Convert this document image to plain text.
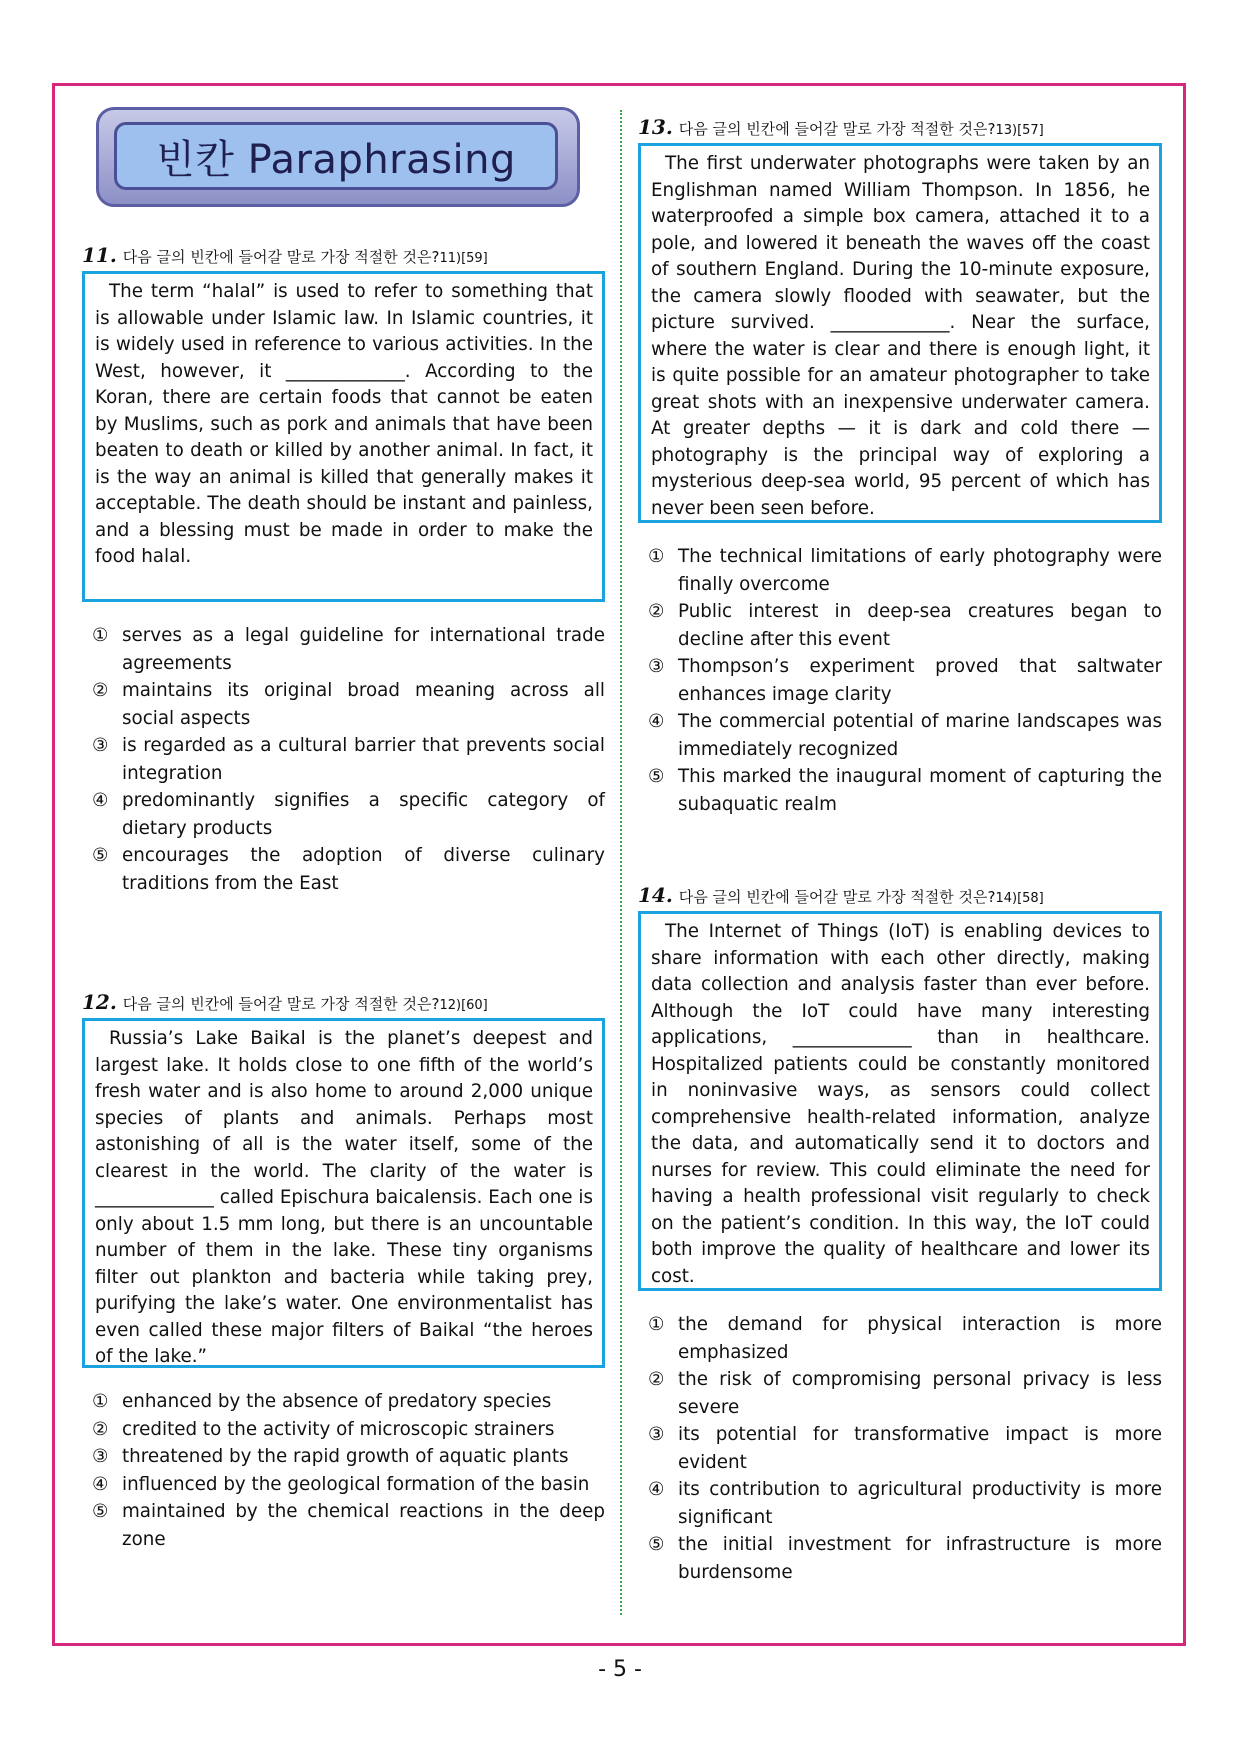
빈칸 Paraphrasing
11. 다음 글의 빈칸에 들어갈 말로 가장 적절한 것은?11)[59]

The term “halal” is used to refer to something that is allowable under Islamic law. In Islamic countries, it is widely used in reference to various activities. In the West, however, it _____________. According to the Koran, there are certain foods that cannot be eaten by Muslims, such as pork and animals that have been beaten to death or killed by another animal. In fact, it is the way an animal is killed that generally makes it acceptable. The death should be instant and painless, and a blessing must be made in order to make the food halal.

① serves as a legal guideline for international trade agreements
② maintains its original broad meaning across all social aspects
③ is regarded as a cultural barrier that prevents social integration
④ predominantly signifies a specific category of dietary products
⑤ encourages the adoption of diverse culinary traditions from the East
12. 다음 글의 빈칸에 들어갈 말로 가장 적절한 것은?12)[60]

Russia’s Lake Baikal is the planet’s deepest and largest lake. It holds close to one fifth of the world’s fresh water and is also home to around 2,000 unique species of plants and animals. Perhaps most astonishing of all is the water itself, some of the clearest in the world. The clarity of the water is _____________ called Epischura baicalensis. Each one is only about 1.5 mm long, but there is an uncountable number of them in the lake. These tiny organisms filter out plankton and bacteria while taking prey, purifying the lake’s water. One environmentalist has even called these major filters of Baikal “the heroes of the lake.”

① enhanced by the absence of predatory species
② credited to the activity of microscopic strainers
③ threatened by the rapid growth of aquatic plants
④ influenced by the geological formation of the basin
⑤ maintained by the chemical reactions in the deep zone
13. 다음 글의 빈칸에 들어갈 말로 가장 적절한 것은?13)[57]

The first underwater photographs were taken by an Englishman named William Thompson. In 1856, he waterproofed a simple box camera, attached it to a pole, and lowered it beneath the waves off the coast of southern England. During the 10-minute exposure, the camera slowly flooded with seawater, but the picture survived. _____________. Near the surface, where the water is clear and there is enough light, it is quite possible for an amateur photographer to take great shots with an inexpensive underwater camera. At greater depths — it is dark and cold there — photography is the principal way of exploring a mysterious deep-sea world, 95 percent of which has never been seen before.

① The technical limitations of early photography were finally overcome
② Public interest in deep-sea creatures began to decline after this event
③ Thompson’s experiment proved that saltwater enhances image clarity
④ The commercial potential of marine landscapes was immediately recognized
⑤ This marked the inaugural moment of capturing the subaquatic realm
14. 다음 글의 빈칸에 들어갈 말로 가장 적절한 것은?14)[58]

The Internet of Things (IoT) is enabling devices to share information with each other directly, making data collection and analysis faster than ever before. Although the IoT could have many interesting applications, _____________ than in healthcare. Hospitalized patients could be constantly monitored in noninvasive ways, as sensors could collect comprehensive health-related information, analyze the data, and automatically send it to doctors and nurses for review. This could eliminate the need for having a health professional visit regularly to check on the patient’s condition. In this way, the IoT could both improve the quality of healthcare and lower its cost.

① the demand for physical interaction is more emphasized
② the risk of compromising personal privacy is less severe
③ its potential for transformative impact is more evident
④ its contribution to agricultural productivity is more significant
⑤ the initial investment for infrastructure is more burdensome
- 5 -
